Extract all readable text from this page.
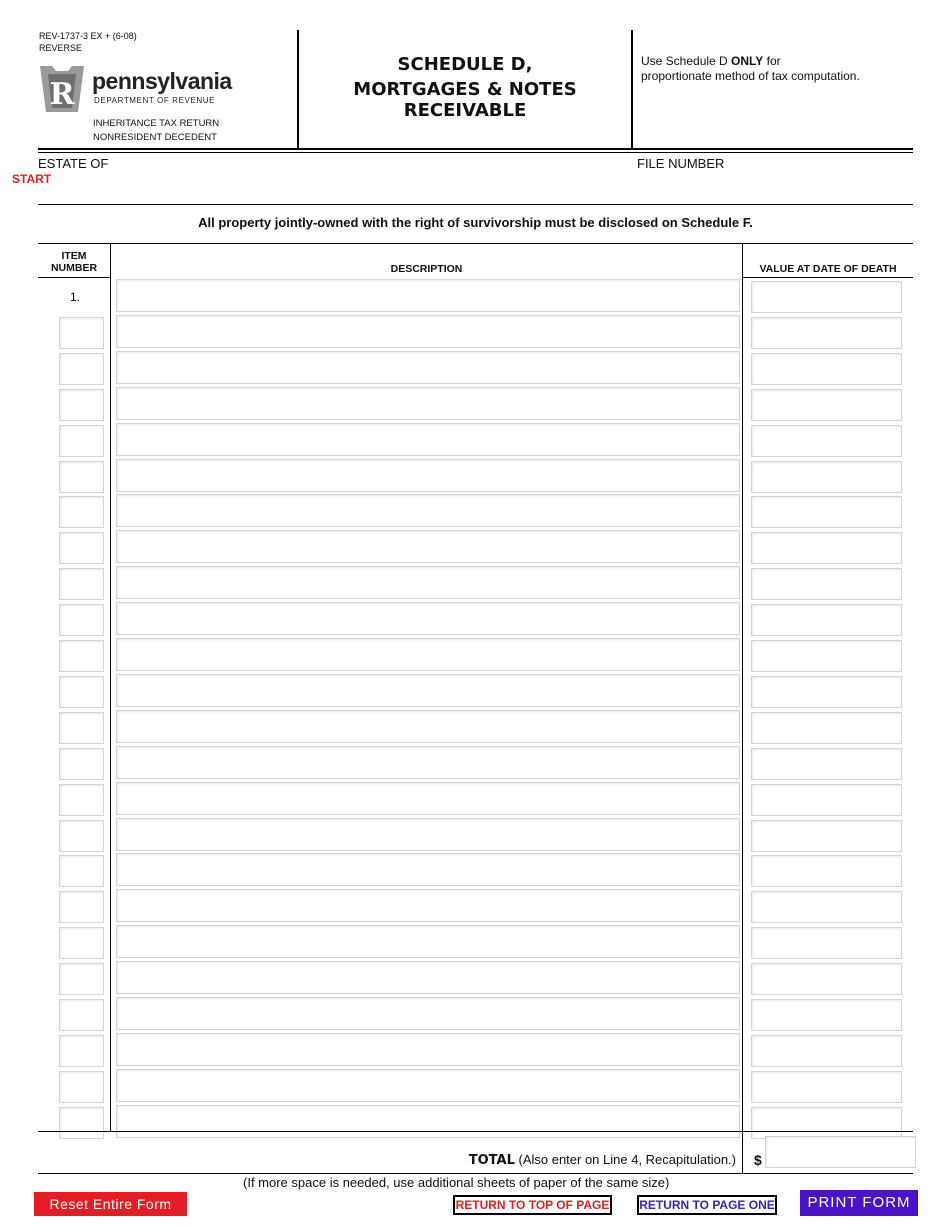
REV-1737-3 EX + (6-08)
REVERSE
R pennsylvania
DEPARTMENT OF REVENUE
INHERITANCE TAX RETURN
NONRESIDENT DECEDENT
SCHEDULE D,
MORTGAGES & NOTES
RECEIVABLE
Use Schedule D ONLY for
proportionate method of tax computation.
ESTATE OF	FILE NUMBER
START
All property jointly-owned with the right of survivorship must be disclosed on Schedule F.
ITEM
NUMBER	DESCRIPTION	VALUE AT DATE OF DEATH
1.
TOTAL (Also enter on Line 4, Recapitulation.) $
(If more space is needed, use additional sheets of paper of the same size)
Reset Entire Form	RETURN TO TOP OF PAGE RETURN TO PAGE ONE	PRINT FORM
